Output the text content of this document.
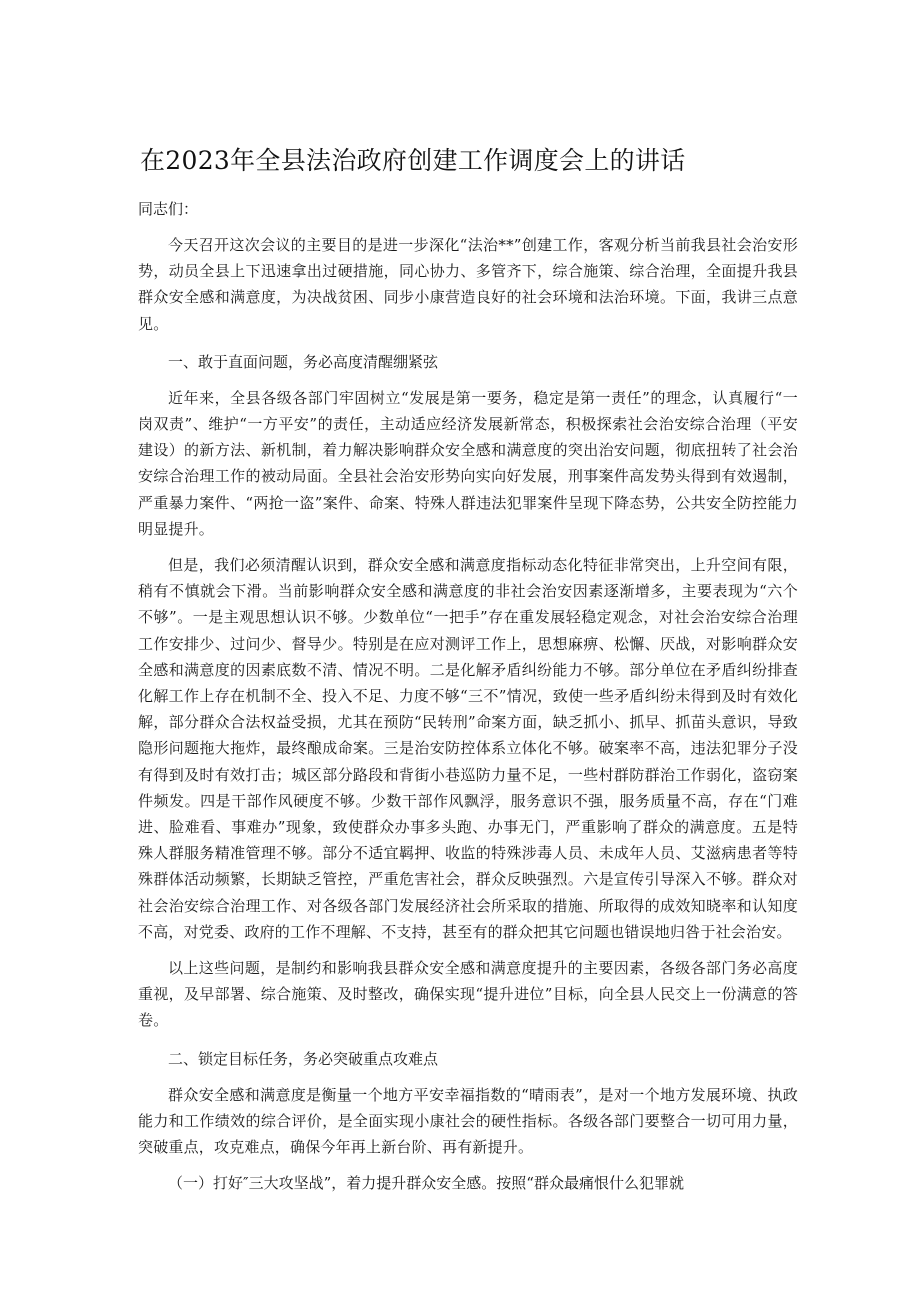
在2023年全县法治政府创建工作调度会上的讲话
同志们：

今天召开这次会议的主要目的是进一步深化“法治**”创建工作，客观分析当前我县社会治安形势，动员全县上下迅速拿出过硬措施，同心协力、多管齐下，综合施策、综合治理，全面提升我县群众安全感和满意度，为决战贫困、同步小康营造良好的社会环境和法治环境。下面，我讲三点意见。

一、敢于直面问题，务必高度清醒绷紧弦

近年来，全县各级各部门牢固树立“发展是第一要务，稳定是第一责任”的理念，认真履行“一岗双责”、维护“一方平安”的责任，主动适应经济发展新常态，积极探索社会治安综合治理（平安建设）的新方法、新机制，着力解决影响群众安全感和满意度的突出治安问题，彻底扭转了社会治安综合治理工作的被动局面。全县社会治安形势向实向好发展，刑事案件高发势头得到有效遏制，严重暴力案件、“两抢一盗”案件、命案、特殊人群违法犯罪案件呈现下降态势，公共安全防控能力明显提升。

但是，我们必须清醒认识到，群众安全感和满意度指标动态化特征非常突出，上升空间有限，稍有不慎就会下滑。当前影响群众安全感和满意度的非社会治安因素逐渐增多，主要表现为“六个不够”。一是主观思想认识不够。少数单位“一把手”存在重发展轻稳定观念，对社会治安综合治理工作安排少、过问少、督导少。特别是在应对测评工作上，思想麻痹、松懈、厌战，对影响群众安全感和满意度的因素底数不清、情况不明。二是化解矛盾纠纷能力不够。部分单位在矛盾纠纷排查化解工作上存在机制不全、投入不足、力度不够“三不”情况，致使一些矛盾纠纷未得到及时有效化解，部分群众合法权益受损，尤其在预防“民转刑”命案方面，缺乏抓小、抓早、抓苗头意识，导致隐形问题拖大拖炸，最终酿成命案。三是治安防控体系立体化不够。破案率不高，违法犯罪分子没有得到及时有效打击；城区部分路段和背街小巷巡防力量不足，一些村群防群治工作弱化，盗窃案件频发。四是干部作风硬度不够。少数干部作风飘浮，服务意识不强，服务质量不高，存在“门难进、脸难看、事难办”现象，致使群众办事多头跑、办事无门，严重影响了群众的满意度。五是特殊人群服务精准管理不够。部分不适宜羁押、收监的特殊涉毒人员、未成年人员、艾滋病患者等特殊群体活动频繁，长期缺乏管控，严重危害社会，群众反映强烈。六是宣传引导深入不够。群众对社会治安综合治理工作、对各级各部门发展经济社会所采取的措施、所取得的成效知晓率和认知度不高，对党委、政府的工作不理解、不支持，甚至有的群众把其它问题也错误地归咎于社会治安。

以上这些问题，是制约和影响我县群众安全感和满意度提升的主要因素，各级各部门务必高度重视，及早部署、综合施策、及时整改，确保实现“提升进位”目标，向全县人民交上一份满意的答卷。

二、锁定目标任务，务必突破重点攻难点

群众安全感和满意度是衡量一个地方平安幸福指数的“晴雨表”，是对一个地方发展环境、执政能力和工作绩效的综合评价，是全面实现小康社会的硬性指标。各级各部门要整合一切可用力量，突破重点，攻克难点，确保今年再上新台阶、再有新提升。

（一）打好″三大攻坚战”，着力提升群众安全感。按照“群众最痛恨什么犯罪就
